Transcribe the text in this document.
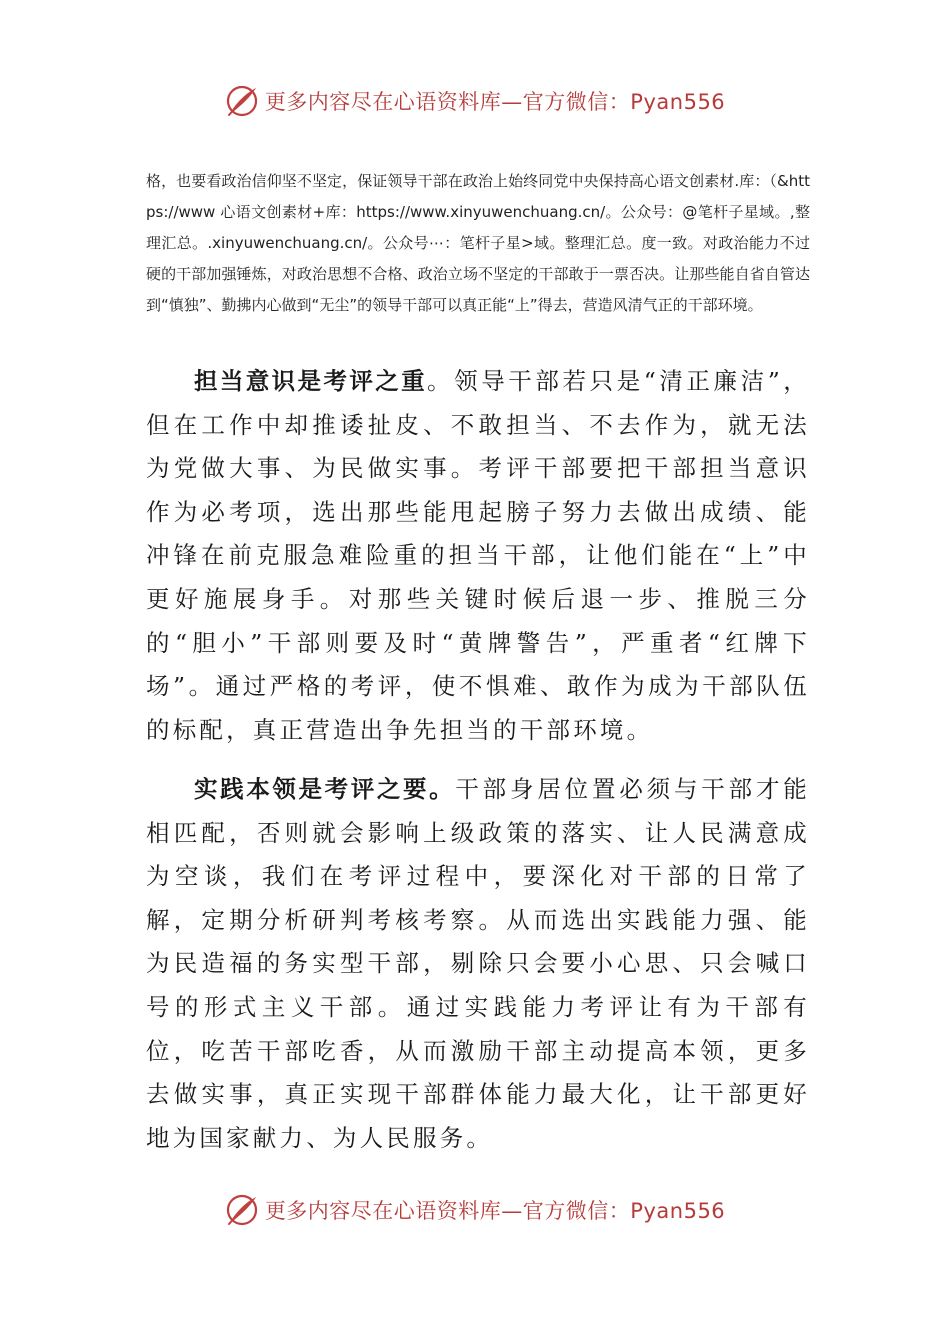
更多内容尽在心语资料库—官方微信：Pyan556

格，也要看政治信仰坚不坚定，保证领导干部在政治上始终同党中央保持高心语文创素材.库：（&https://www 心语文创素材+库：https://www.xinyuwenchuang.cn/。公众号：@笔杆子星域。,整理汇总。.xinyuwenchuang.cn/。公众号⋯：笔杆子星>域。整理汇总。度一致。对政治能力不过硬的干部加强锤炼，对政治思想不合格、政治立场不坚定的干部敢于一票否决。让那些能自省自管达到“慎独”、勤拂内心做到“无尘”的领导干部可以真正能“上”得去，营造风清气正的干部环境。

担当意识是考评之重。领导干部若只是“清正廉洁”，但在工作中却推诿扯皮、不敢担当、不去作为，就无法为党做大事、为民做实事。考评干部要把干部担当意识作为必考项，选出那些能甩起膀子努力去做出成绩、能冲锋在前克服急难险重的担当干部，让他们能在“上”中更好施展身手。对那些关键时候后退一步、推脱三分的“胆小”干部则要及时“黄牌警告”，严重者“红牌下场”。通过严格的考评，使不惧难、敢作为成为干部队伍的标配，真正营造出争先担当的干部环境。

实践本领是考评之要。干部身居位置必须与干部才能相匹配，否则就会影响上级政策的落实、让人民满意成为空谈，我们在考评过程中，要深化对干部的日常了解，定期分析研判考核考察。从而选出实践能力强、能为民造福的务实型干部，剔除只会要小心思、只会喊口号的形式主义干部。通过实践能力考评让有为干部有位，吃苦干部吃香，从而激励干部主动提高本领，更多去做实事，真正实现干部群体能力最大化，让干部更好地为国家献力、为人民服务。

更多内容尽在心语资料库—官方微信：Pyan556
